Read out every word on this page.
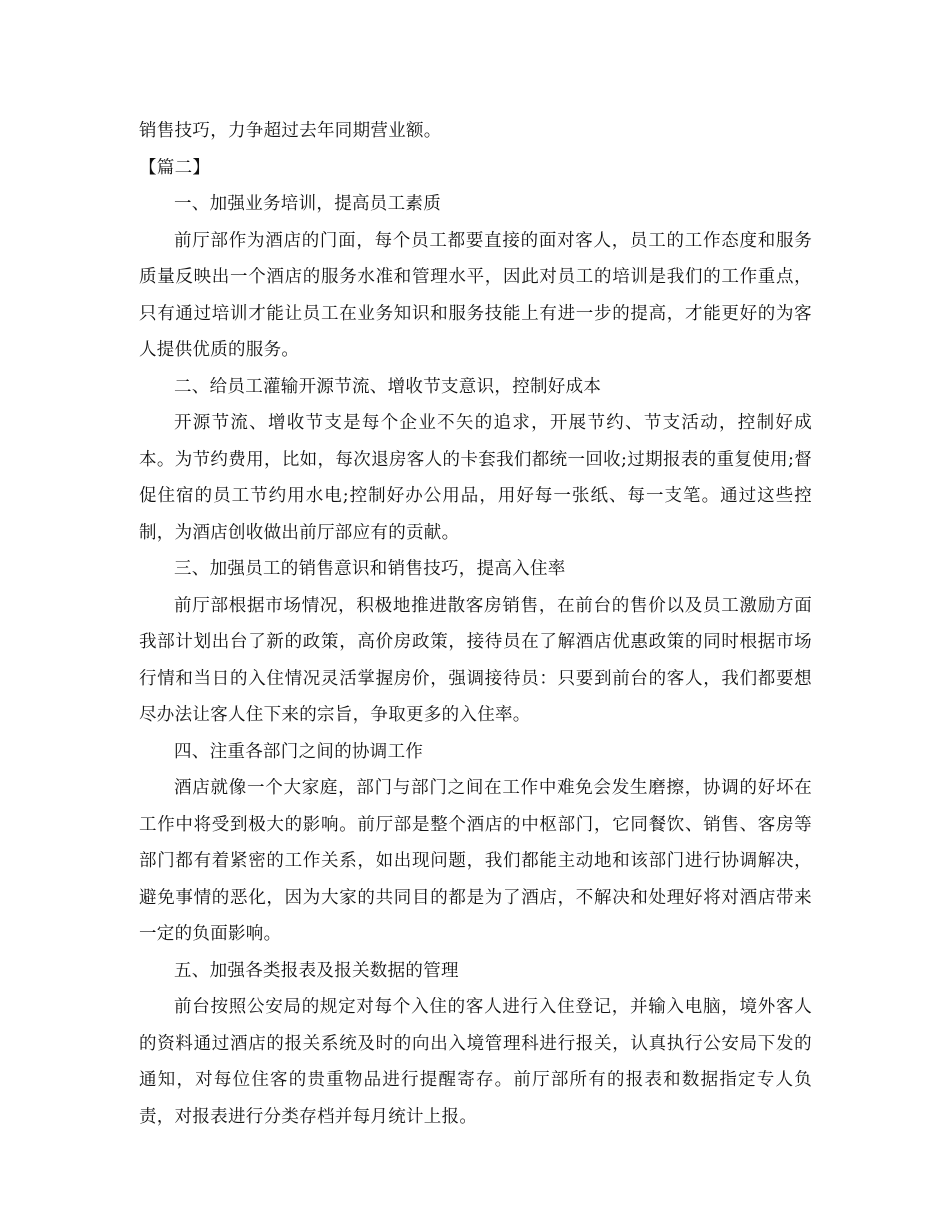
销售技巧，力争超过去年同期营业额。

【篇二】

一、加强业务培训，提高员工素质

前厅部作为酒店的门面，每个员工都要直接的面对客人，员工的工作态度和服务质量反映出一个酒店的服务水准和管理水平，因此对员工的培训是我们的工作重点，只有通过培训才能让员工在业务知识和服务技能上有进一步的提高，才能更好的为客人提供优质的服务。

二、给员工灌输开源节流、增收节支意识，控制好成本

开源节流、增收节支是每个企业不矢的追求，开展节约、节支活动，控制好成本。为节约费用，比如，每次退房客人的卡套我们都统一回收;过期报表的重复使用;督促住宿的员工节约用水电;控制好办公用品，用好每一张纸、每一支笔。通过这些控制，为酒店创收做出前厅部应有的贡献。

三、加强员工的销售意识和销售技巧，提高入住率

前厅部根据市场情况，积极地推进散客房销售，在前台的售价以及员工激励方面我部计划出台了新的政策，高价房政策，接待员在了解酒店优惠政策的同时根据市场行情和当日的入住情况灵活掌握房价，强调接待员：只要到前台的客人，我们都要想尽办法让客人住下来的宗旨，争取更多的入住率。

四、注重各部门之间的协调工作

酒店就像一个大家庭，部门与部门之间在工作中难免会发生磨擦，协调的好坏在工作中将受到极大的影响。前厅部是整个酒店的中枢部门，它同餐饮、销售、客房等部门都有着紧密的工作关系，如出现问题，我们都能主动地和该部门进行协调解决，避免事情的恶化，因为大家的共同目的都是为了酒店，不解决和处理好将对酒店带来一定的负面影响。

五、加强各类报表及报关数据的管理

前台按照公安局的规定对每个入住的客人进行入住登记，并输入电脑，境外客人的资料通过酒店的报关系统及时的向出入境管理科进行报关，认真执行公安局下发的通知，对每位住客的贵重物品进行提醒寄存。前厅部所有的报表和数据指定专人负责，对报表进行分类存档并每月统计上报。
